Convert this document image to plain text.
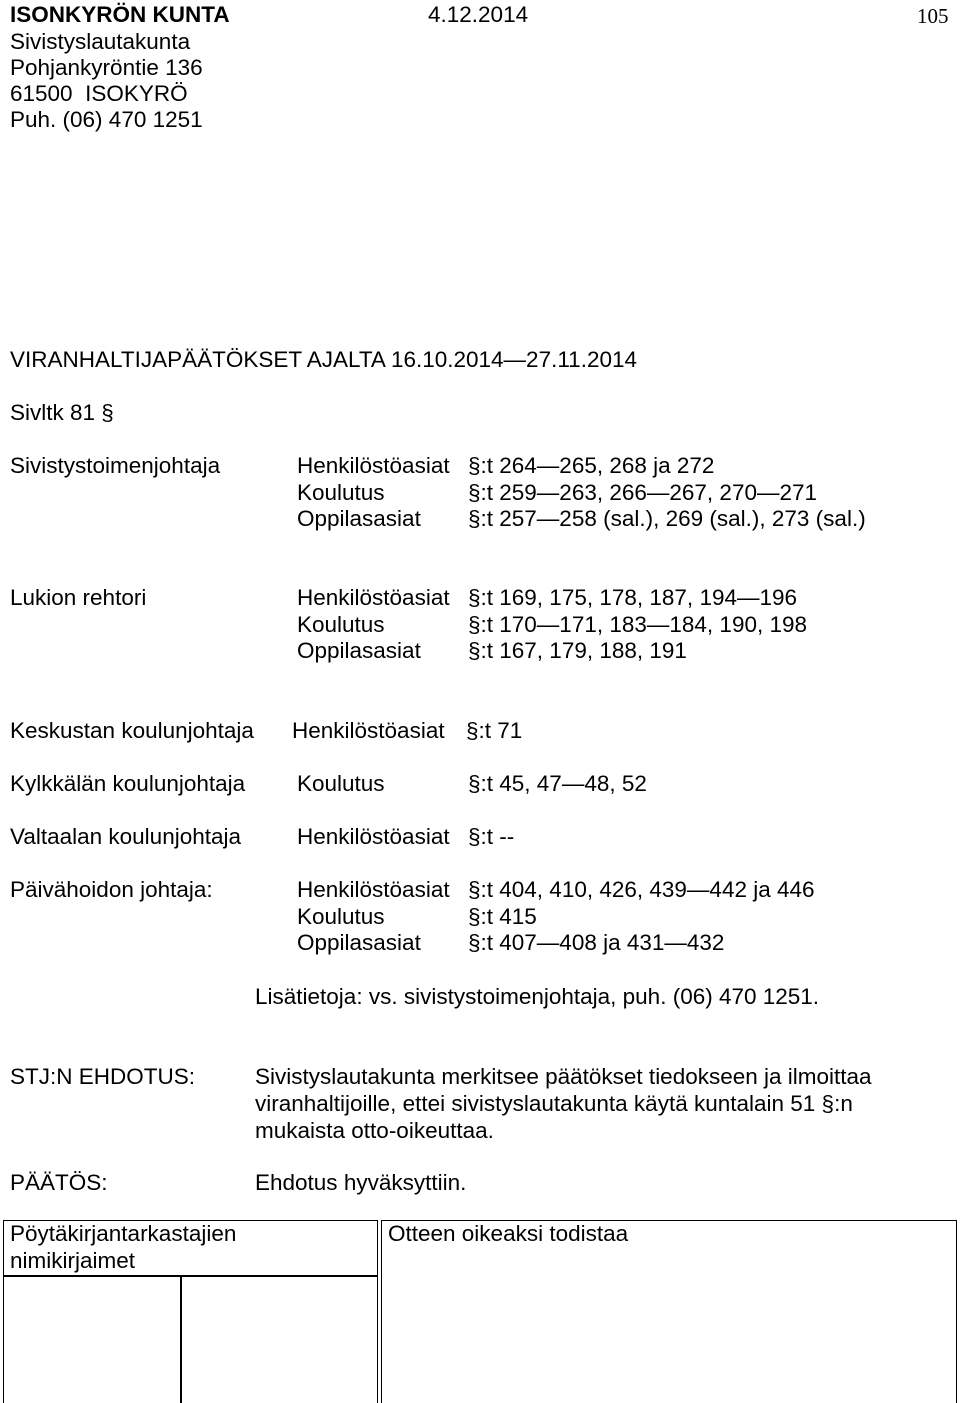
ISONKYRÖN KUNTA	4.12.2014	105
Sivistyslautakunta
Pohjankyröntie 136
61500  ISOKYRÖ
Puh. (06) 470 1251
VIRANHALTIJAPÄÄTÖKSET AJALTA 16.10.2014—27.11.2014
Sivltk 81 §
Sivistystoimenjohtaja	Henkilöstöasiat §:t 264—265, 268 ja 272
Koulutus	§:t 259—263, 266—267, 270—271
Oppilasasiat §:t 257—258 (sal.), 269 (sal.), 273 (sal.)
Lukion rehtori	Henkilöstöasiat §:t 169, 175, 178, 187, 194—196
Koulutus	§:t 170—171, 183—184, 190, 198
Oppilasasiat §:t 167, 179, 188, 191
Keskustan koulunjohtaja Henkilöstöasiat §:t 71
Kylkkälän koulunjohtaja Koulutus	§:t 45, 47—48, 52
Valtaalan koulunjohtaja Henkilöstöasiat §:t --
Päivähoidon johtaja:	Henkilöstöasiat §:t 404, 410, 426, 439—442 ja 446
Koulutus	§:t 415
Oppilasasiat §:t 407—408 ja 431—432
Lisätietoja: vs. sivistystoimenjohtaja, puh. (06) 470 1251.
STJ:N EHDOTUS:	Sivistyslautakunta merkitsee päätökset tiedokseen ja ilmoittaa
viranhaltijoille, ettei sivistyslautakunta käytä kuntalain 51 §:n
mukaista otto-oikeuttaa.
PÄÄTÖS:	Ehdotus hyväksyttiin.
Pöytäkirjantarkastajien
nimikirjaimet
Otteen oikeaksi todistaa
